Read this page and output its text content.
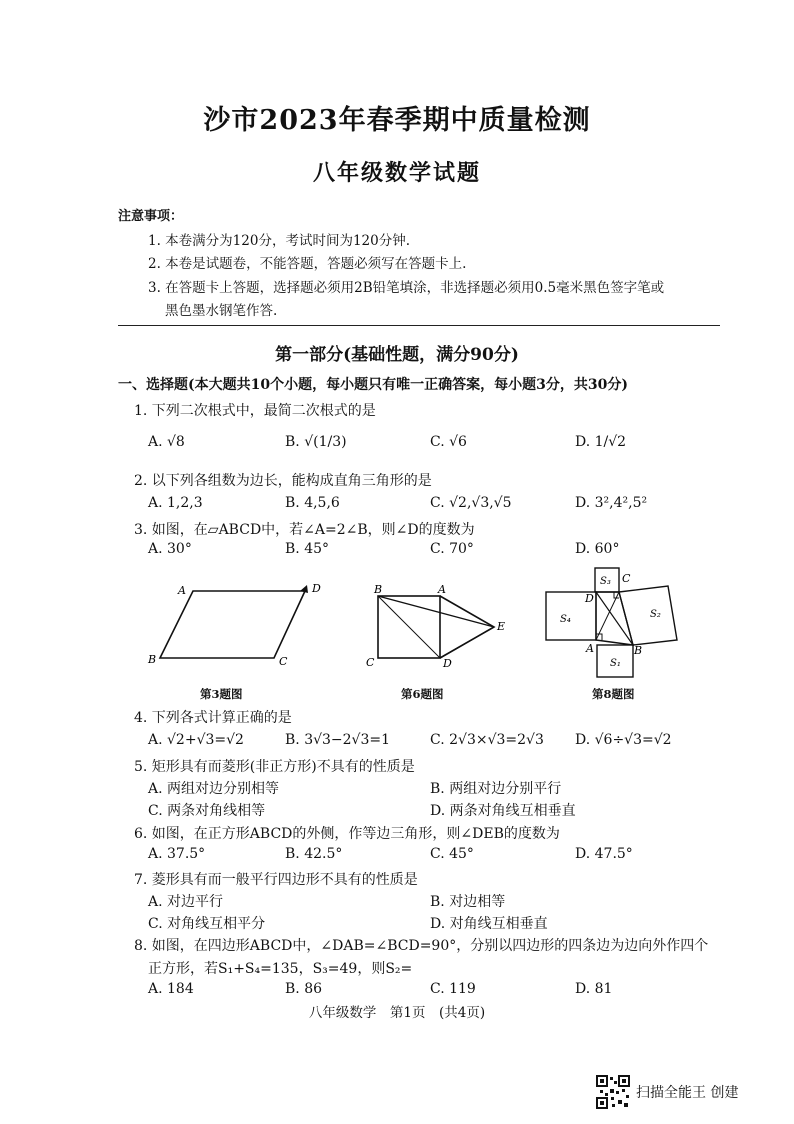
沙市2023年春季期中质量检测
八年级数学试题
注意事项：
1. 本卷满分为120分，考试时间为120分钟.
2. 本卷是试题卷，不能答题，答题必须写在答题卡上.
3. 在答题卡上答题，选择题必须用2B铅笔填涂，非选择题必须用0.5毫米黑色签字笔或
黑色墨水钢笔作答.
第一部分(基础性题，满分90分)
一、选择题(本大题共10个小题，每小题只有唯一正确答案，每小题3分，共30分)
1. 下列二次根式中，最简二次根式的是
A. √8	B. √(1/3)	C. √6	D. 1/√2
2. 以下列各组数为边长，能构成直角三角形的是
A. 1,2,3	B. 4,5,6	C. √2,√3,√5	D. 3²,4²,5²
3. 如图，在▱ABCD中，若∠A=2∠B，则∠D的度数为
A. 30°	B. 45°	C. 70°	D. 60°
A	D
B	C
第3题图
B	A
E
C	D
第6题图
S₃ C
D
S₂
S₄
A	B
S₁
第8题图
4. 下列各式计算正确的是
A. √2+√3=√2	B. 3√3−2√3=1	C. 2√3×√3=2√3 D. √6÷√3=√2
5. 矩形具有而菱形(非正方形)不具有的性质是
A. 两组对边分别相等	B. 两组对边分别平行
C. 两条对角线相等	D. 两条对角线互相垂直
6. 如图，在正方形ABCD的外侧，作等边三角形，则∠DEB的度数为
A. 37.5°	B. 42.5°	C. 45°	D. 47.5°
7. 菱形具有而一般平行四边形不具有的性质是
A. 对边平行	B. 对边相等
C. 对角线互相平分	D. 对角线互相垂直
8. 如图，在四边形ABCD中，∠DAB=∠BCD=90°，分别以四边形的四条边为边向外作四个
正方形，若S₁+S₄=135，S₃=49，则S₂=
A. 184	B. 86	C. 119	D. 81
八年级数学　第1页　(共4页)
扫描全能王 创建
